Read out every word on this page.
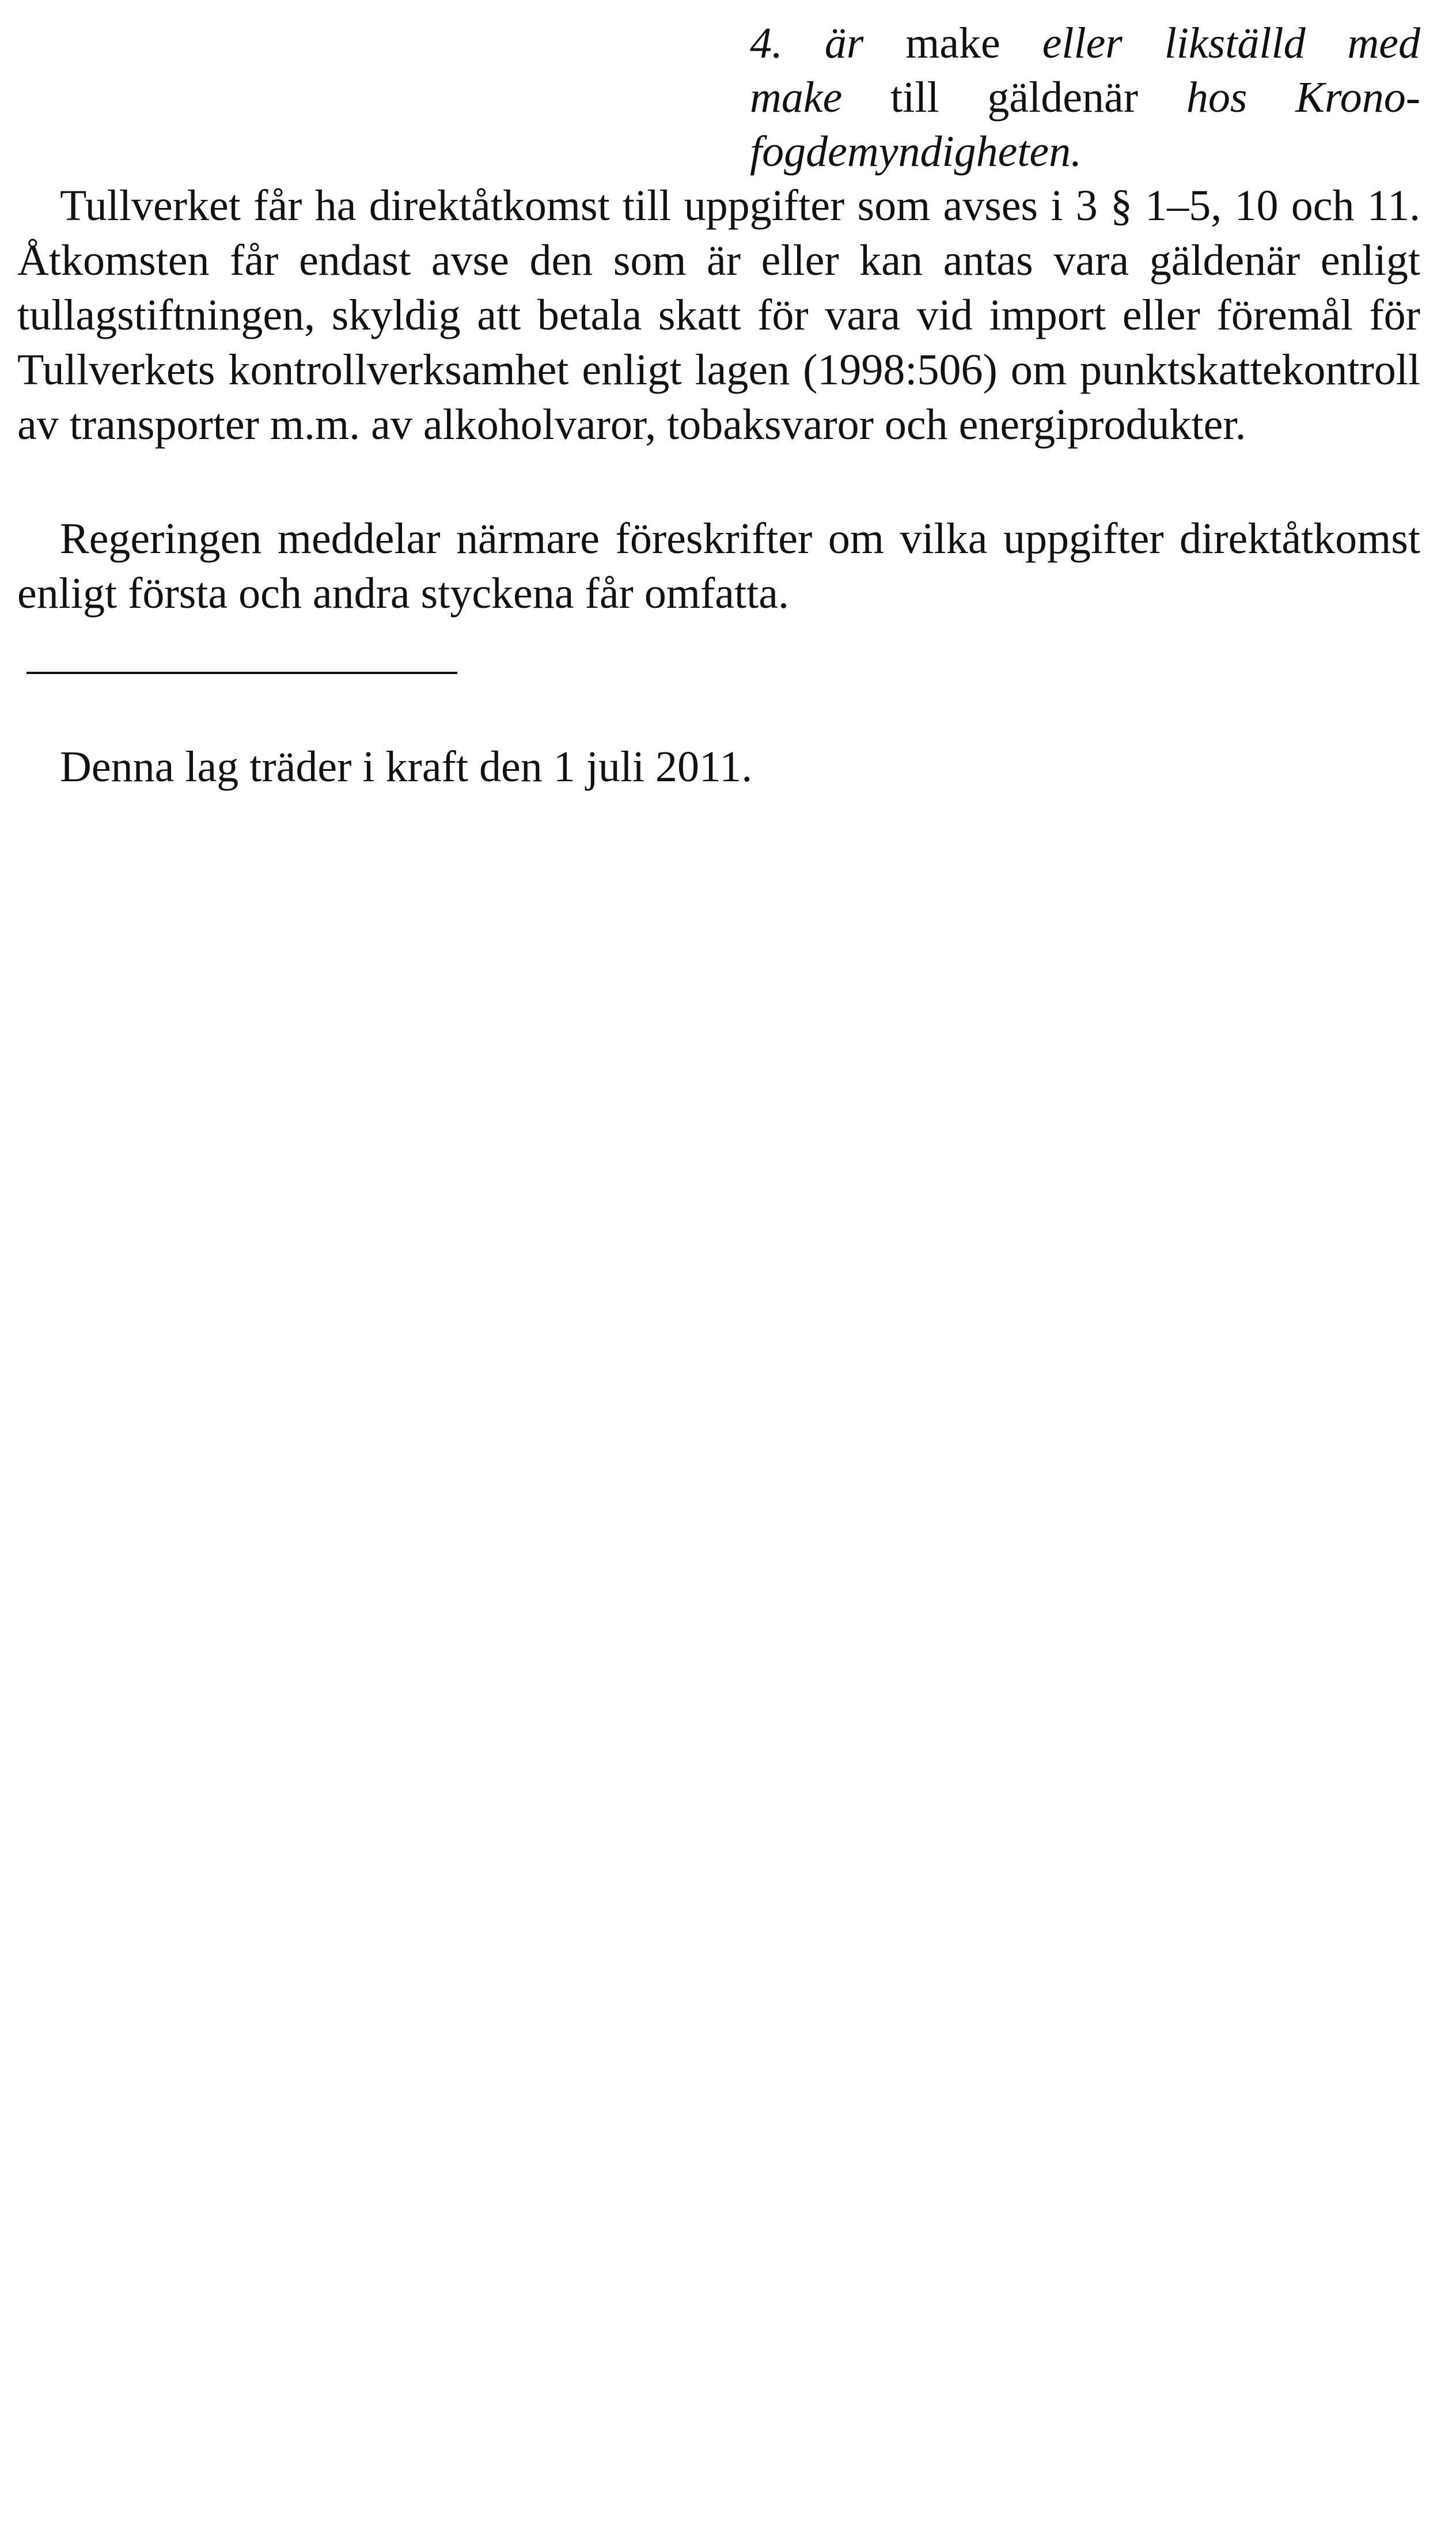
4. är make eller likställd med
make till gäldenär hos Krono-
fogdemyndigheten.

Tullverket får ha direktåtkomst till uppgifter som avses i 3 § 1–5, 10 och 11. Åtkomsten får endast avse den som är eller kan antas vara gäldenär enligt tullagstiftningen, skyldig att betala skatt för vara vid import eller föremål för Tullverkets kontrollverksamhet enligt lagen (1998:506) om punktskattekontroll av transporter m.m. av alkoholvaror, tobaksvaror och energiprodukter.

Regeringen meddelar närmare föreskrifter om vilka uppgifter direktåtkomst enligt första och andra styckena får omfatta.

Denna lag träder i kraft den 1 juli 2011.
